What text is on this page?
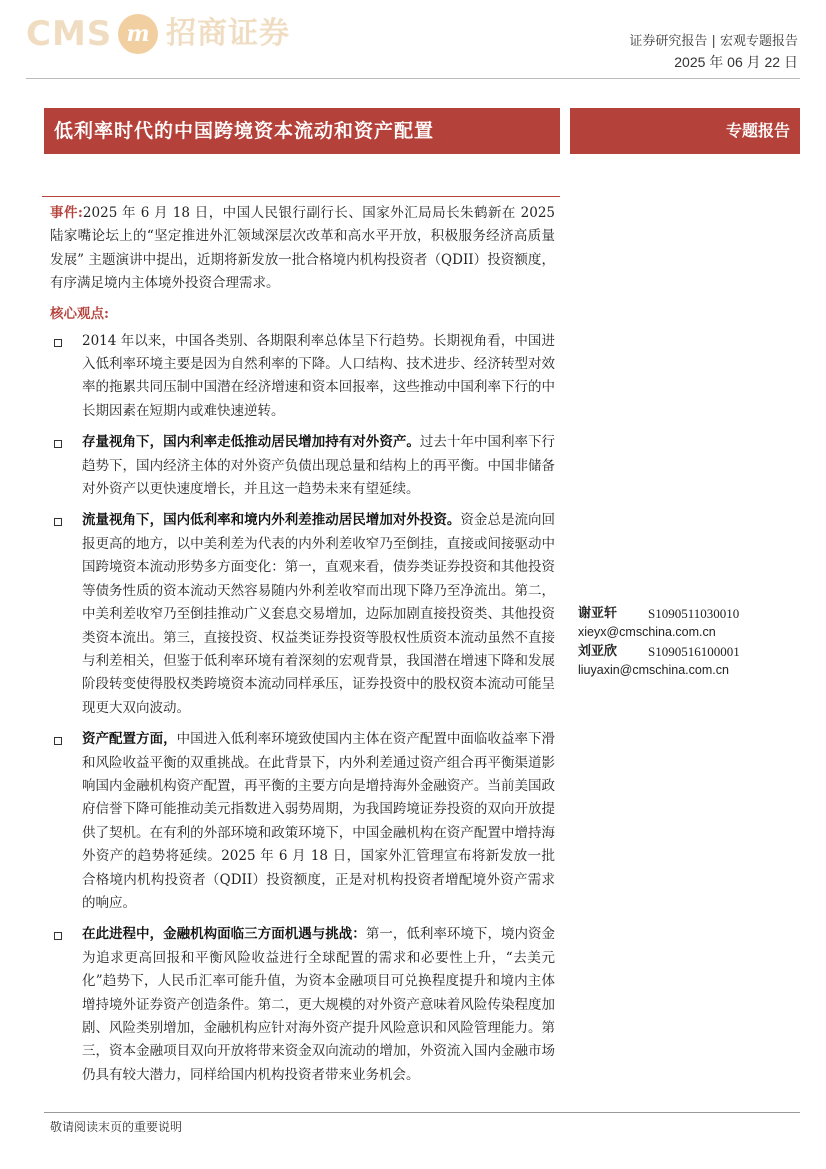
CMS m 招商证券	证券研究报告 | 宏观专题报告
2025 年 06 月 22 日
低利率时代的中国跨境资本流动和资产配置	专题报告

事件:2025 年 6 月 18 日，中国人民银行副行长、国家外汇局局长朱鹤新在 2025 陆家嘴论坛上的“坚定推进外汇领域深层次改革和高水平开放，积极服务经济高质量发展” 主题演讲中提出，近期将新发放一批合格境内机构投资者（QDII）投资额度，有序满足境内主体境外投资合理需求。

核心观点:
2014 年以来，中国各类别、各期限利率总体呈下行趋势。长期视角看，中国进入低利率环境主要是因为自然利率的下降。人口结构、技术进步、经济转型对效率的拖累共同压制中国潜在经济增速和资本回报率，这些推动中国利率下行的中长期因素在短期内或难快速逆转。
存量视角下，国内利率走低推动居民增加持有对外资产。过去十年中国利率下行趋势下，国内经济主体的对外资产负债出现总量和结构上的再平衡。中国非储备对外资产以更快速度增长，并且这一趋势未来有望延续。
流量视角下，国内低利率和境内外利差推动居民增加对外投资。资金总是流向回报更高的地方，以中美利差为代表的内外利差收窄乃至倒挂，直接或间接驱动中国跨境资本流动形势多方面变化：第一，直观来看，债券类证券投资和其他投资等债务性质的资本流动天然容易随内外利差收窄而出现下降乃至净流出。第二，中美利差收窄乃至倒挂推动广义套息交易增加，边际加剧直接投资类、其他投资类资本流出。第三，直接投资、权益类证券投资等股权性质资本流动虽然不直接与利差相关，但鉴于低利率环境有着深刻的宏观背景，我国潜在增速下降和发展阶段转变使得股权类跨境资本流动同样承压，证券投资中的股权资本流动可能呈现更大双向波动。
资产配置方面，中国进入低利率环境致使国内主体在资产配置中面临收益率下滑和风险收益平衡的双重挑战。在此背景下，内外利差通过资产组合再平衡渠道影响国内金融机构资产配置，再平衡的主要方向是增持海外金融资产。当前美国政府信誉下降可能推动美元指数进入弱势周期，为我国跨境证券投资的双向开放提供了契机。在有利的外部环境和政策环境下，中国金融机构在资产配置中增持海外资产的趋势将延续。2025 年 6 月 18 日，国家外汇管理宣布将新发放一批合格境内机构投资者（QDII）投资额度，正是对机构投资者增配境外资产需求的响应。
在此进程中，金融机构面临三方面机遇与挑战：第一，低利率环境下，境内资金为追求更高回报和平衡风险收益进行全球配置的需求和必要性上升，“去美元化”趋势下，人民币汇率可能升值，为资本金融项目可兑换程度提升和境内主体增持境外证券资产创造条件。第二，更大规模的对外资产意味着风险传染程度加剧、风险类别增加，金融机构应针对海外资产提升风险意识和风险管理能力。第三，资本金融项目双向开放将带来资金双向流动的增加，外资流入国内金融市场仍具有较大潜力，同样给国内机构投资者带来业务机会。
谢亚轩 S1090511030010
xieyx@cmschina.com.cn
刘亚欣 S1090516100001
liuyaxin@cmschina.com.cn
敬请阅读末页的重要说明
